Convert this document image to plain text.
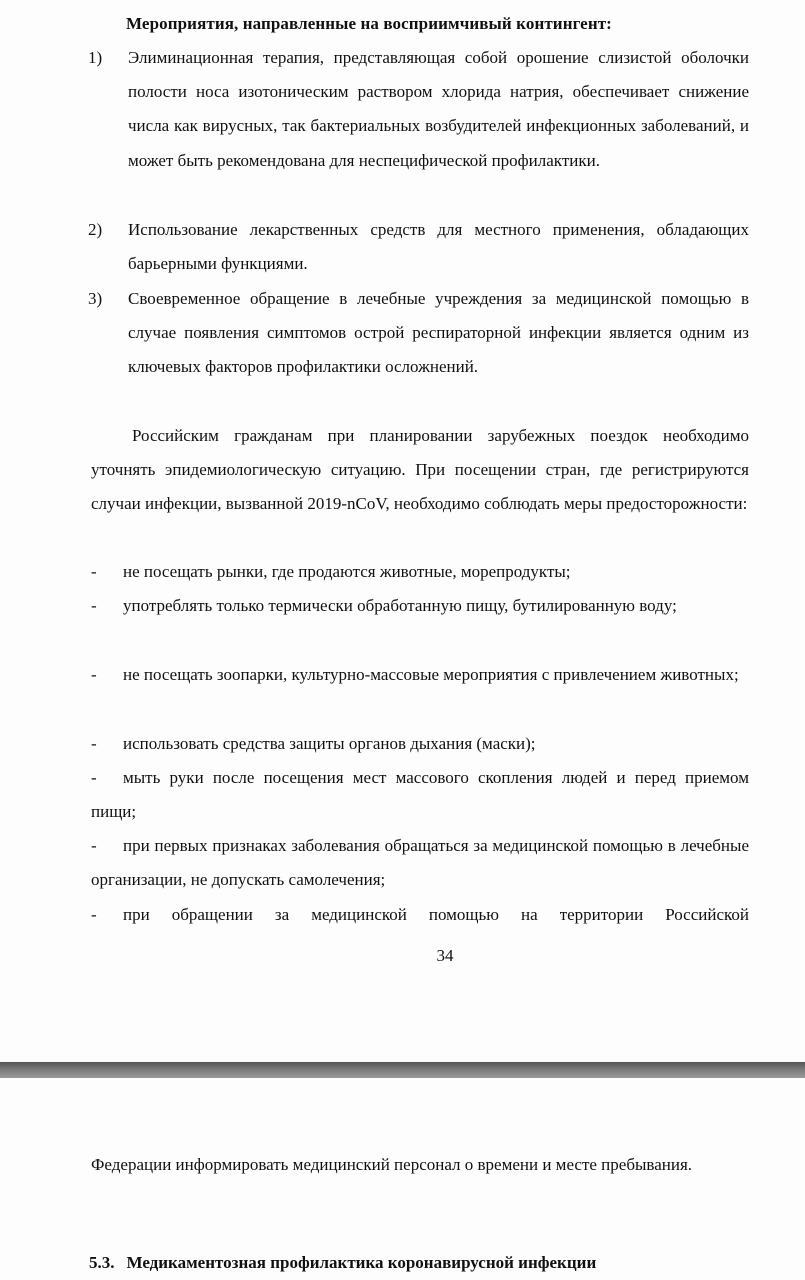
Мероприятия, направленные на восприимчивый контингент:
1) Элиминационная терапия, представляющая собой орошение слизистой оболочки полости носа изотоническим раствором хлорида натрия, обеспечивает снижение числа как вирусных, так бактериальных возбудителей инфекционных заболеваний, и может быть рекомендована для неспецифической профилактики.
2) Использование лекарственных средств для местного применения, обладающих барьерными функциями.
3) Своевременное обращение в лечебные учреждения за медицинской помощью в случае появления симптомов острой респираторной инфекции является одним из ключевых факторов профилактики осложнений.
Российским гражданам при планировании зарубежных поездок необходимо уточнять эпидемиологическую ситуацию. При посещении стран, где регистрируются случаи инфекции, вызванной 2019-nCoV, необходимо соблюдать меры предосторожности:
-	не посещать рынки, где продаются животные, морепродукты;
-	употреблять только термически обработанную пищу, бутилированную воду;
-	не посещать зоопарки, культурно-массовые мероприятия с привлечением животных;
-	использовать средства защиты органов дыхания (маски);
-	мыть руки после посещения мест массового скопления людей и перед приемом пищи;
-	при первых признаках заболевания обращаться за медицинской помощью в лечебные организации, не допускать самолечения;
-	при обращении за медицинской помощью на территории Российской
34
Федерации информировать медицинский персонал о времени и месте пребывания.
5.3. Медикаментозная профилактика коронавирусной инфекции
